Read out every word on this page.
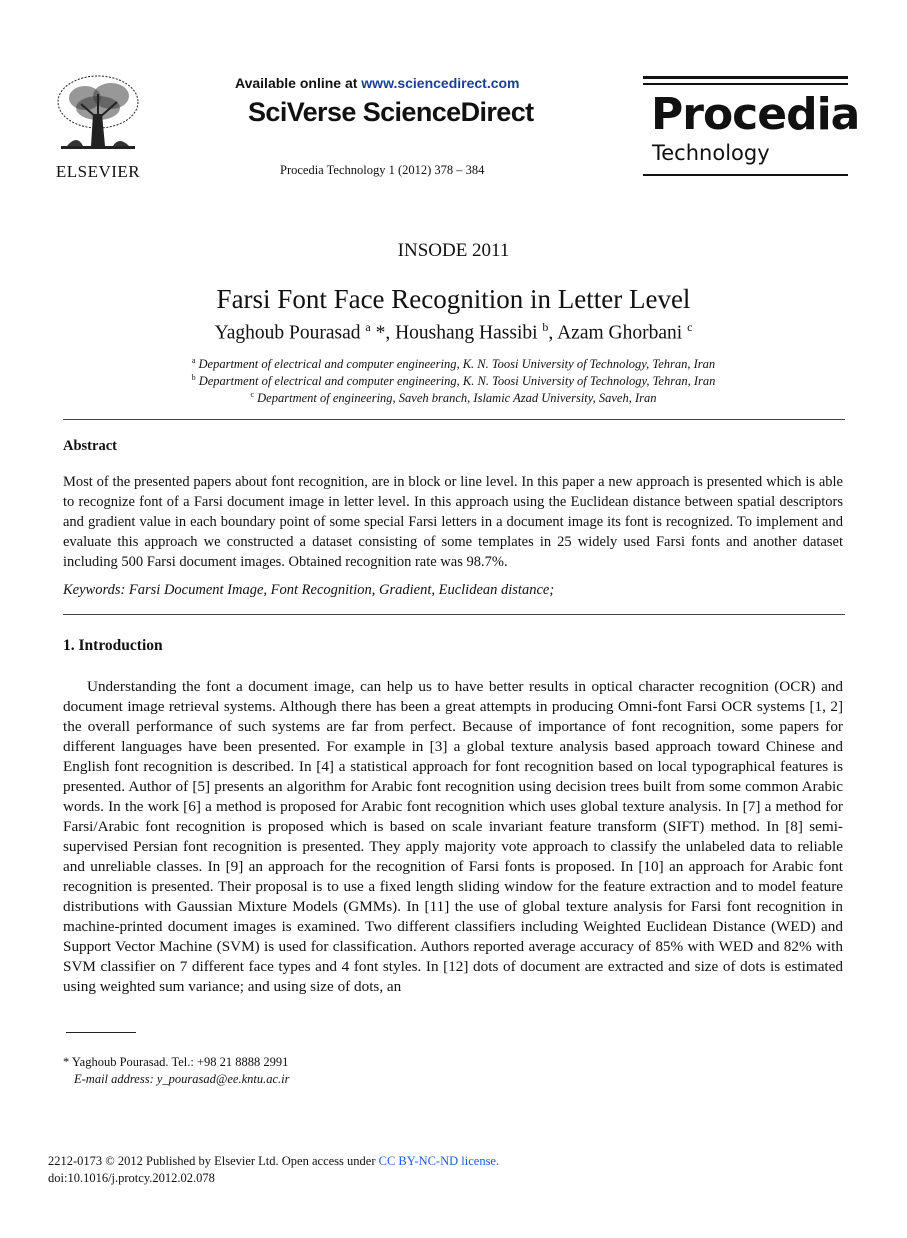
ELSEVIER
Available online at www.sciencedirect.com
SciVerse ScienceDirect
Procedia Technology 1 (2012) 378 – 384
Procedia
Technology
INSODE 2011
Farsi Font Face Recognition in Letter Level
Yaghoub Pourasad $^a$ *, Houshang Hassibi $^b$, Azam Ghorbani $^c$
$^a$ Department of electrical and computer engineering, K. N. Toosi University of Technology, Tehran, Iran
$^b$ Department of electrical and computer engineering, K. N. Toosi University of Technology, Tehran, Iran
$^c$ Department of engineering, Saveh branch, Islamic Azad University, Saveh, Iran
Abstract
Most of the presented papers about font recognition, are in block or line level. In this paper a new approach is presented which is able to recognize font of a Farsi document image in letter level. In this approach using the Euclidean distance between spatial descriptors and gradient value in each boundary point of some special Farsi letters in a document image its font is recognized. To implement and evaluate this approach we constructed a dataset consisting of some templates in 25 widely used Farsi fonts and another dataset including 500 Farsi document images. Obtained recognition rate was 98.7%.
Keywords: Farsi Document Image, Font Recognition, Gradient, Euclidean distance;
1. Introduction
Understanding the font a document image, can help us to have better results in optical character recognition (OCR) and document image retrieval systems. Although there has been a great attempts in producing Omni-font Farsi OCR systems [1, 2] the overall performance of such systems are far from perfect. Because of importance of font recognition, some papers for different languages have been presented. For example in [3] a global texture analysis based approach toward Chinese and English font recognition is described. In [4] a statistical approach for font recognition based on local typographical features is presented. Author of [5] presents an algorithm for Arabic font recognition using decision trees built from some common Arabic words. In the work [6] a method is proposed for Arabic font recognition which uses global texture analysis. In [7] a method for Farsi/Arabic font recognition is proposed which is based on scale invariant feature transform (SIFT) method. In [8] semi-supervised Persian font recognition is presented. They apply majority vote approach to classify the unlabeled data to reliable and unreliable classes. In [9] an approach for the recognition of Farsi fonts is proposed. In [10] an approach for Arabic font recognition is presented. Their proposal is to use a fixed length sliding window for the feature extraction and to model feature distributions with Gaussian Mixture Models (GMMs). In [11] the use of global texture analysis for Farsi font recognition in machine-printed document images is examined. Two different classifiers including Weighted Euclidean Distance (WED) and Support Vector Machine (SVM) is used for classification. Authors reported average accuracy of 85% with WED and 82% with SVM classifier on 7 different face types and 4 font styles. In [12] dots of document are extracted and size of dots is estimated using weighted sum variance; and using size of dots, an
* Yaghoub Pourasad. Tel.: +98 21 8888 2991
E-mail address: y_pourasad@ee.kntu.ac.ir
2212-0173 © 2012 Published by Elsevier Ltd. Open access under CC BY-NC-ND license.
doi:10.1016/j.protcy.2012.02.078
